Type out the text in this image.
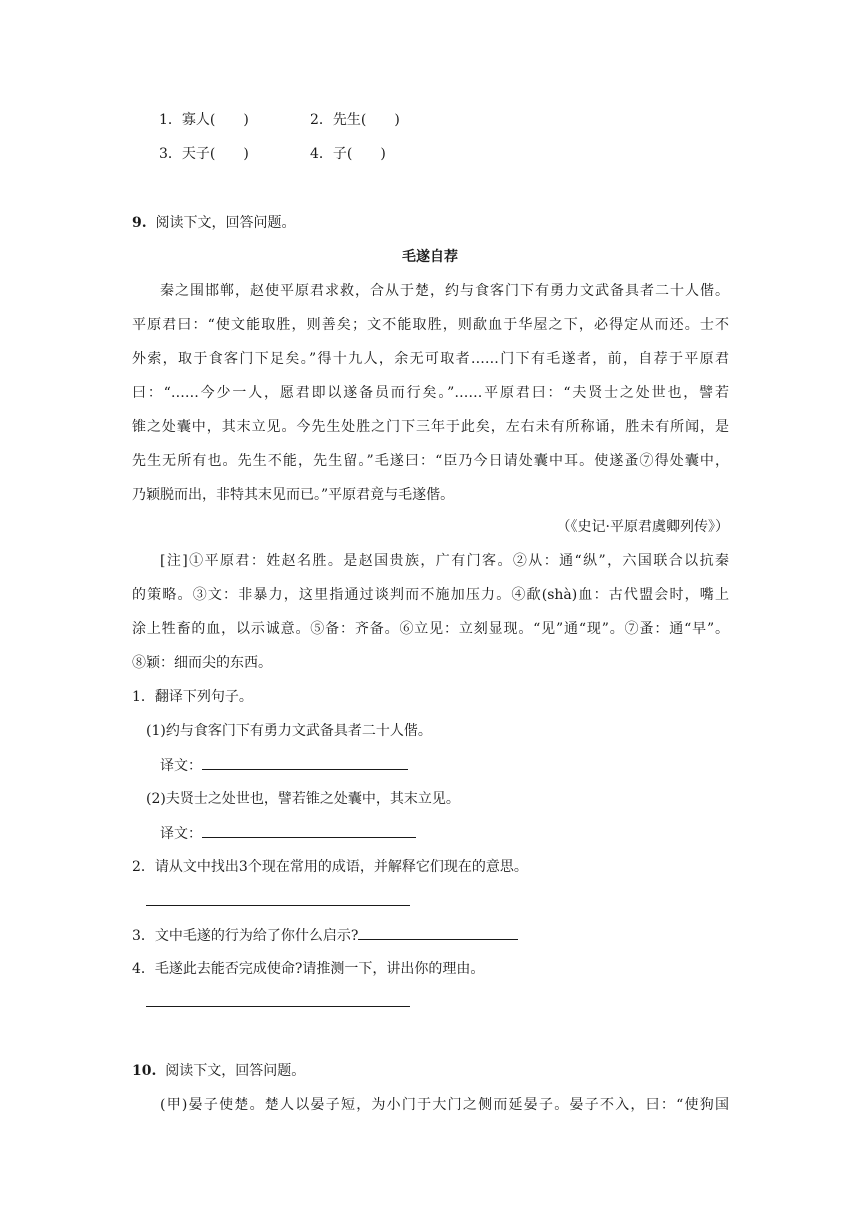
1．寡人(　　)	2．先生(　　)
3．天子(　　)	4．子(　　)
9. 阅读下文，回答问题。
毛遂自荐
秦之围邯郸，赵使平原君求救，合从于楚，约与食客门下有勇力文武备具者二十人偕。
平原君曰：“使文能取胜，则善矣；文不能取胜，则歃血于华屋之下，必得定从而还。士不
外索，取于食客门下足矣。”得十九人，余无可取者……门下有毛遂者，前，自荐于平原君
曰：“……今少一人，愿君即以遂备员而行矣。”……平原君曰：“夫贤士之处世也，譬若
锥之处囊中，其末立见。今先生处胜之门下三年于此矣，左右未有所称诵，胜未有所闻，是
先生无所有也。先生不能，先生留。”毛遂曰：“臣乃今日请处囊中耳。使遂蚤⑦得处囊中，
乃颖脱而出，非特其末见而已。”平原君竟与毛遂偕。
（《史记·平原君虞卿列传》）
[注]①平原君：姓赵名胜。是赵国贵族，广有门客。②从：通“纵”，六国联合以抗秦
的策略。③文：非暴力，这里指通过谈判而不施加压力。④歃(shà)血：古代盟会时，嘴上
涂上牲畜的血，以示诚意。⑤备：齐备。⑥立见：立刻显现。“见”通“现”。⑦蚤：通“早”。
⑧颖：细而尖的东西。
1．翻译下列句子。
(1)约与食客门下有勇力文武备具者二十人偕。
译文：
(2)夫贤士之处世也，譬若锥之处囊中，其末立见。
译文：
2．请从文中找出3个现在常用的成语，并解释它们现在的意思。
3．文中毛遂的行为给了你什么启示?
4．毛遂此去能否完成使命?请推测一下，讲出你的理由。
10. 阅读下文，回答问题。
(甲)晏子使楚。楚人以晏子短，为小门于大门之侧而延晏子。晏子不入，曰：“使狗国
